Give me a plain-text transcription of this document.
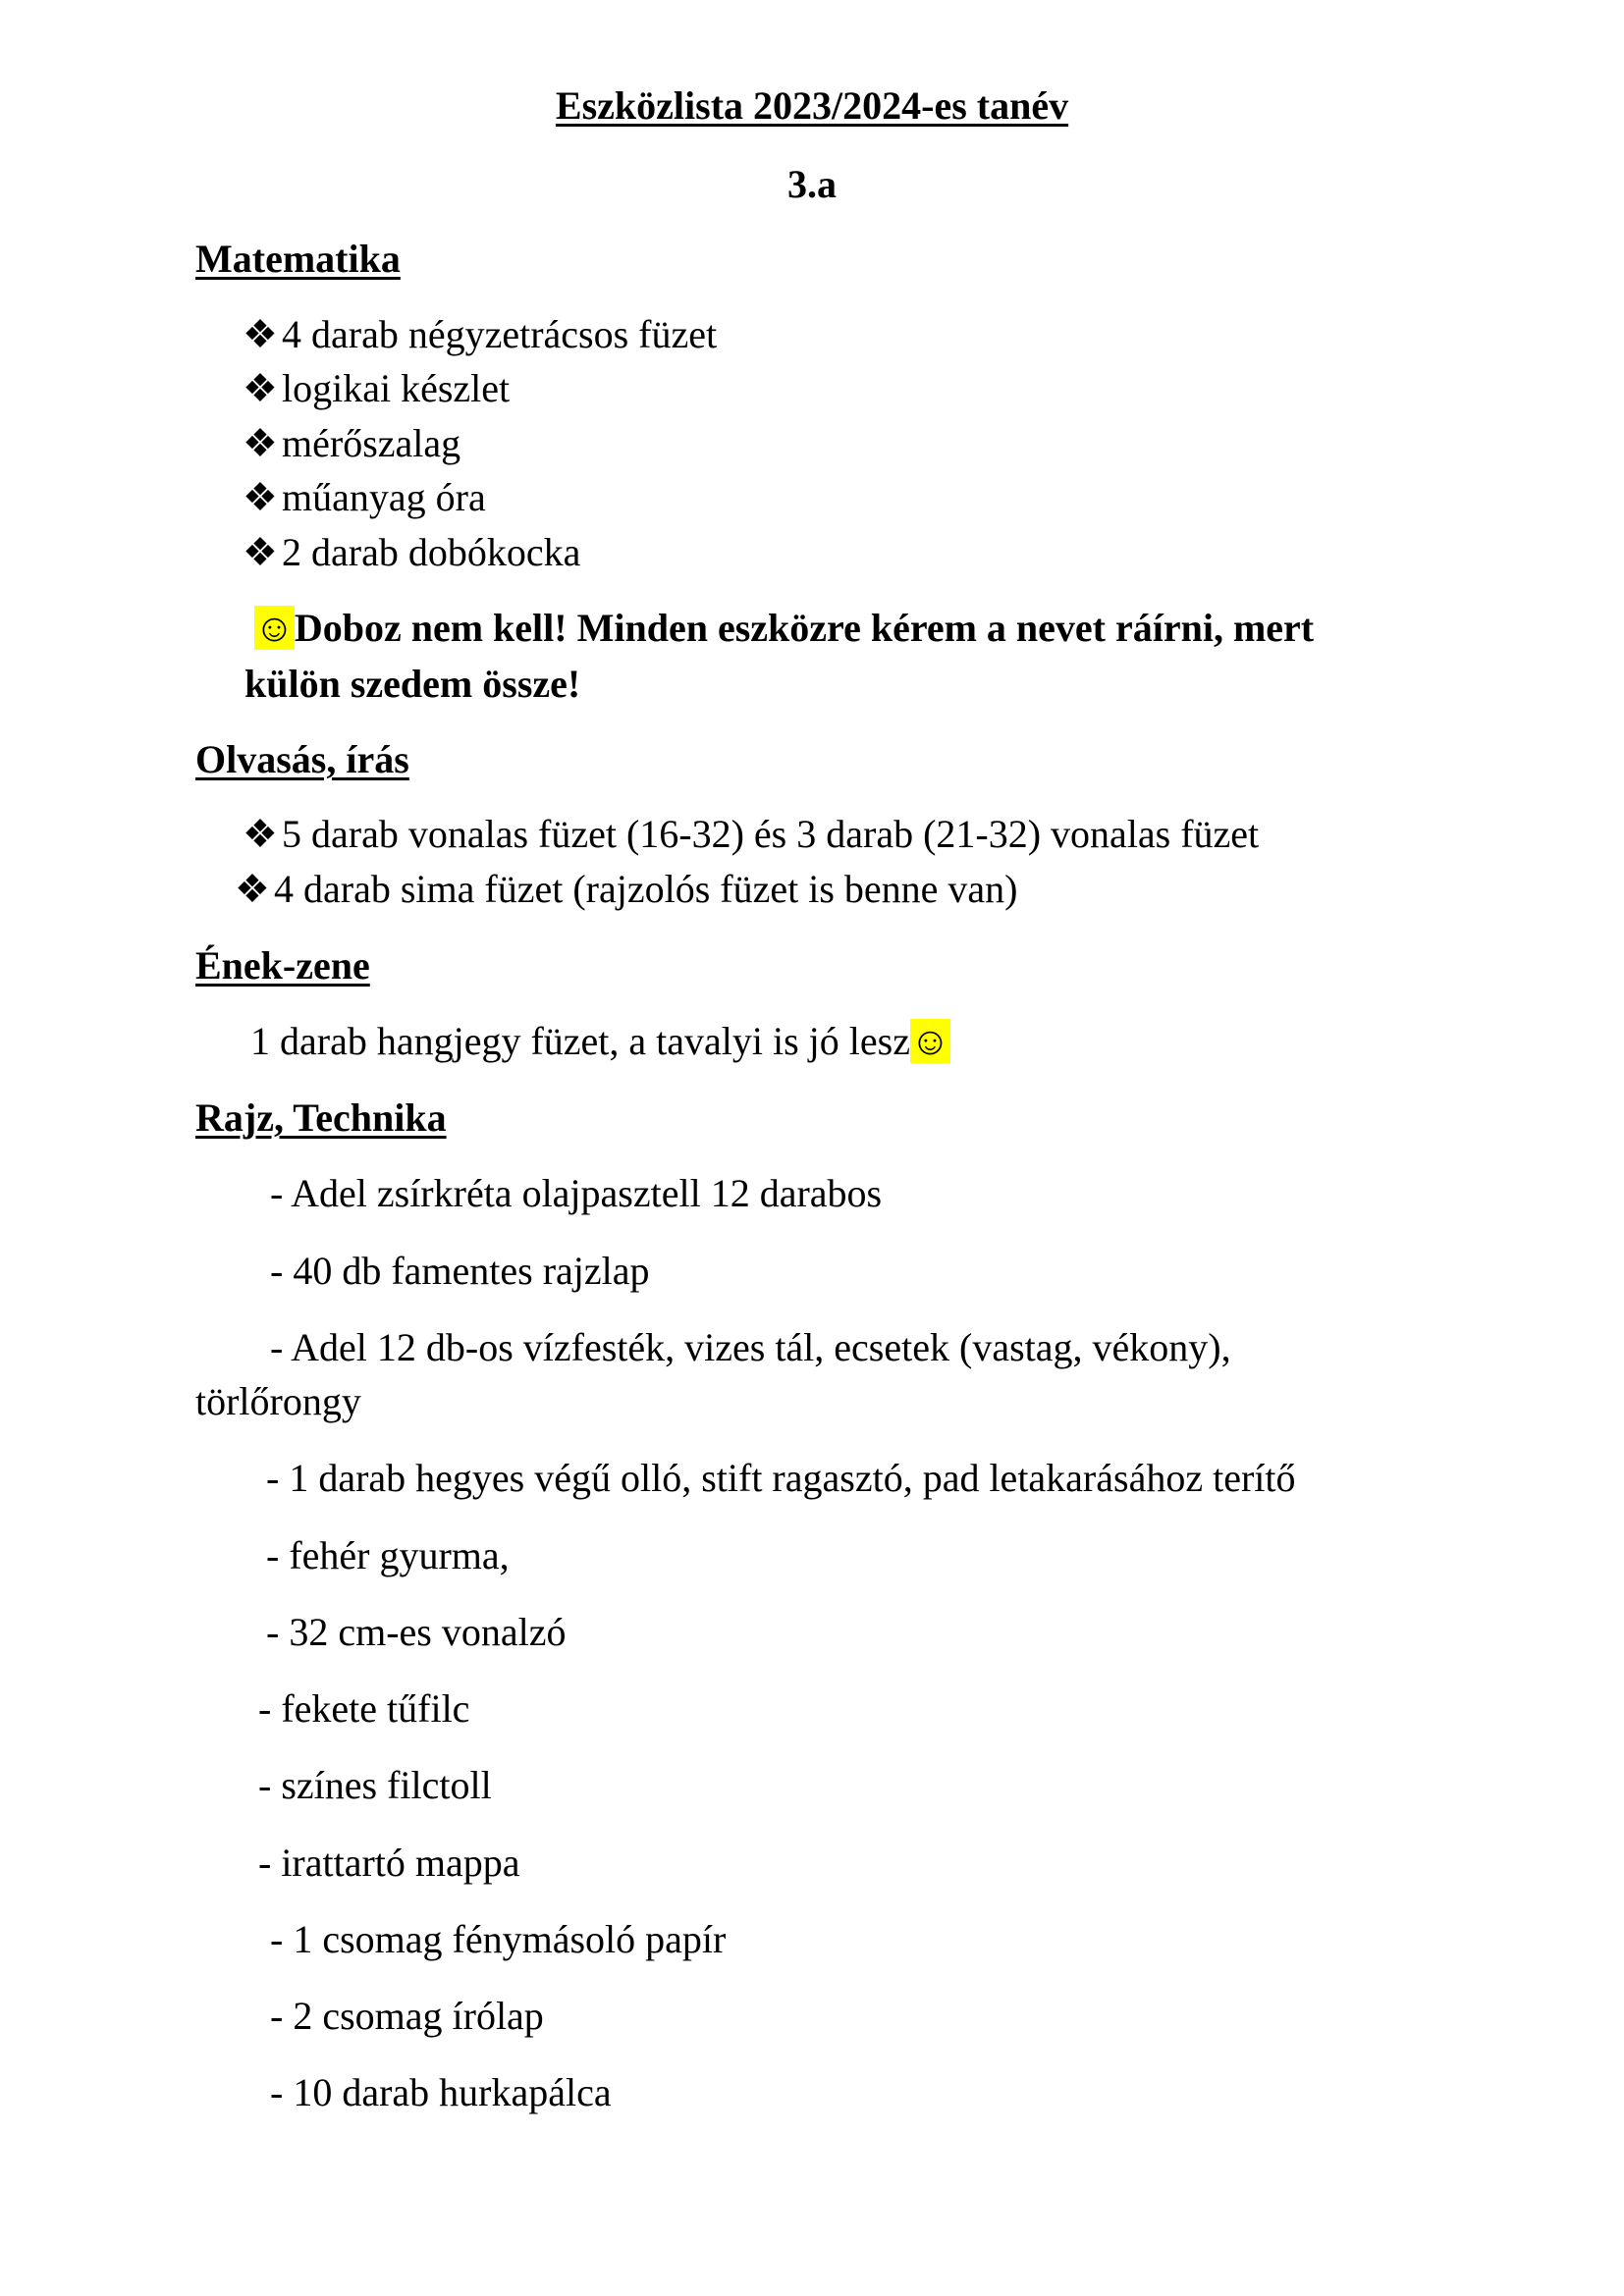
Eszközlista 2023/2024-es tanév
3.a
Matematika
❖ 4 darab négyzetrácsos füzet
❖ logikai készlet
❖ mérőszalag
❖ műanyag óra
❖ 2 darab dobókocka
☺Doboz nem kell! Minden eszközre kérem a nevet ráírni, mert
külön szedem össze!
Olvasás, írás
❖ 5 darab vonalas füzet (16-32) és 3 darab (21-32) vonalas füzet
❖ 4 darab sima füzet (rajzolós füzet is benne van)
Ének-zene
1 darab hangjegy füzet, a tavalyi is jó lesz☺
Rajz, Technika
- Adel zsírkréta olajpasztell 12 darabos
- 40 db famentes rajzlap
- Adel 12 db-os vízfesték, vizes tál, ecsetek (vastag, vékony),
törlőrongy
- 1 darab hegyes végű olló, stift ragasztó, pad letakarásához terítő
- fehér gyurma,
- 32 cm-es vonalzó
- fekete tűfilc
- színes filctoll
- irattartó mappa
- 1 csomag fénymásoló papír
- 2 csomag írólap
- 10 darab hurkapálca
